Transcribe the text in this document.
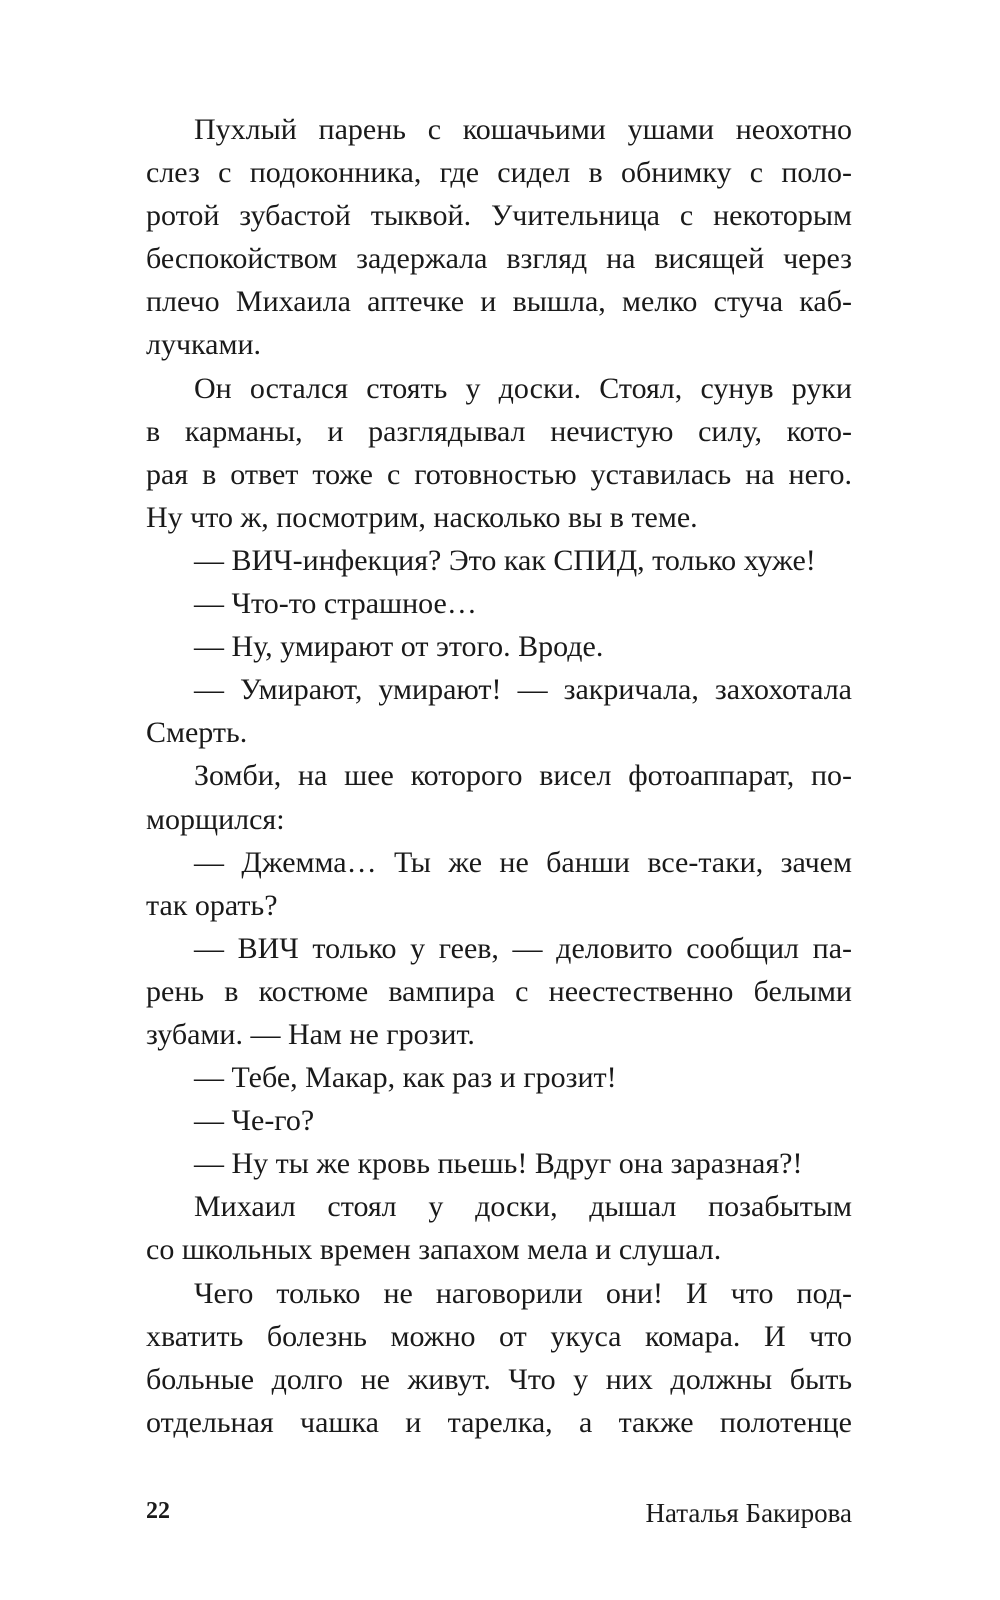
Пухлый парень с кошачьими ушами неохотно
слез с подоконника, где сидел в обнимку с поло-
ротой зубастой тыквой. Учительница с некоторым
беспокойством задержала взгляд на висящей через
плечо Михаила аптечке и вышла, мелко стуча каб-
лучками.
Он остался стоять у доски. Стоял, сунув руки
в карманы, и разглядывал нечистую силу, кото-
рая в ответ тоже с готовностью уставилась на него.
Ну что ж, посмотрим, насколько вы в теме.
— ВИЧ-инфекция? Это как СПИД, только хуже!
— Что-то страшное…
— Ну, умирают от этого. Вроде.
— Умирают, умирают! — закричала, захохотала
Смерть.
Зомби, на шее которого висел фотоаппарат, по-
морщился:
— Джемма… Ты же не банши все-таки, зачем
так орать?
— ВИЧ только у геев, — деловито сообщил па-
рень в костюме вампира с неестественно белыми
зубами. — Нам не грозит.
— Тебе, Макар, как раз и грозит!
— Че-го?
— Ну ты же кровь пьешь! Вдруг она заразная?!
Михаил стоял у доски, дышал позабытым
со школьных времен запахом мела и слушал.
Чего только не наговорили они! И что под-
хватить болезнь можно от укуса комара. И что
больные долго не живут. Что у них должны быть
отдельная чашка и тарелка, а также полотенце
22	Наталья Бакирова
